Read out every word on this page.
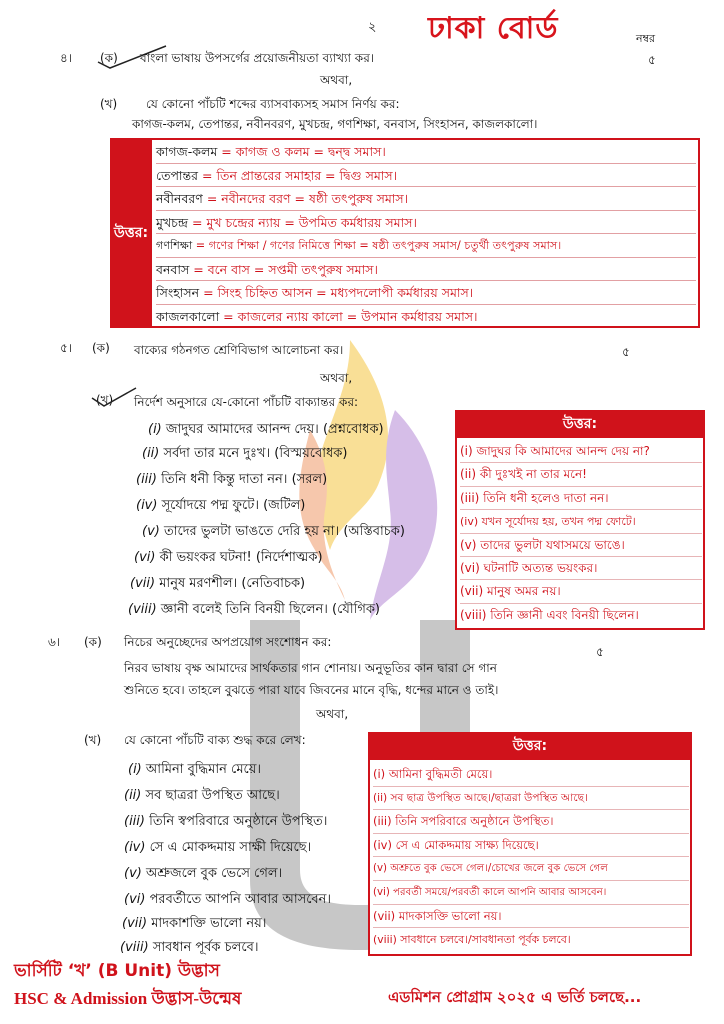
২ ঢাকা বোর্ড	নম্বর
৪। (ক) বাংলা ভাষায় উপসর্গের প্রয়োজনীয়তা ব্যাখ্যা কর।	৫
অথবা,
(খ) যে কোনো পাঁচটি শব্দের ব্যাসবাক্যসহ সমাস নির্ণয় কর:
কাগজ-কলম, তেপান্তর, নবীনবরণ, মুখচন্দ্র, গণশিক্ষা, বনবাস, সিংহাসন, কাজলকালো।
উত্তর:
কাগজ-কলম = কাগজ ও কলম = দ্বন্দ্ব সমাস।
তেপান্তর = তিন প্রান্তরের সমাহার = দ্বিগু সমাস।
নবীনবরণ = নবীনদের বরণ = ষষ্ঠী তৎপুরুষ সমাস।
মুখচন্দ্র = মুখ চন্দ্রের ন্যায় = উপমিত কর্মধারয় সমাস।
গণশিক্ষা = গণের শিক্ষা / গণের নিমিত্তে শিক্ষা = ষষ্ঠী তৎপুরুষ সমাস/ চতুর্থী তৎপুরুষ সমাস।
বনবাস = বনে বাস = সপ্তমী তৎপুরুষ সমাস।
সিংহাসন = সিংহ চিহ্নিত আসন = মধ্যপদলোপী কর্মধারয় সমাস।
কাজলকালো = কাজলের ন্যায় কালো = উপমান কর্মধারয় সমাস।
৫। (ক) বাক্যের গঠনগত শ্রেণিবিভাগ আলোচনা কর।	৫
অথবা,
(খ) নির্দেশ অনুসারে যে-কোনো পাঁচটি বাক্যান্তর কর:
(i) জাদুঘর আমাদের আনন্দ দেয়। (প্রশ্নবোধক)
(ii) সর্বদা তার মনে দুঃখ। (বিস্ময়বোধক)
(iii) তিনি ধনী কিন্তু দাতা নন। (সরল)
(iv) সূর্যোদয়ে পদ্ম ফুটে। (জটিল)
(v) তাদের ভুলটা ভাঙতে দেরি হয় না। (অস্তিবাচক)
(vi) কী ভয়ংকর ঘটনা! (নির্দেশাত্মক)
(vii) মানুষ মরণশীল। (নেতিবাচক)
(viii) জ্ঞানী বলেই তিনি বিনয়ী ছিলেন। (যৌগিক)
উত্তর:
(i) জাদুঘর কি আমাদের আনন্দ দেয় না?
(ii) কী দুঃখই না তার মনে!
(iii) তিনি ধনী হলেও দাতা নন।
(iv) যখন সূর্যোদয় হয়, তখন পদ্ম ফোটে।
(v) তাদের ভুলটা যথাসময়ে ভাঙে।
(vi) ঘটনাটি অত্যন্ত ভয়ংকর।
(vii) মানুষ অমর নয়।
(viii) তিনি জ্ঞানী এবং বিনয়ী ছিলেন।
৬। (ক) নিচের অনুচ্ছেদের অপপ্রয়োগ সংশোধন কর:
৫
নিরব ভাষায় বৃক্ষ আমাদের সার্থকতার গান শোনায়। অনুভূতির কান দ্বারা সে গান
শুনিতে হবে। তাহলে বুঝতে পারা যাবে জিবনের মানে বৃদ্ধি, ধন্দের মানে ও তাই।
অথবা,
(খ) যে কোনো পাঁচটি বাক্য শুদ্ধ করে লেখ:
(i) আমিনা বুদ্ধিমান মেয়ে।
(ii) সব ছাত্ররা উপস্থিত আছে।
(iii) তিনি স্বপরিবারে অনুষ্ঠানে উপস্থিত।
(iv) সে এ মোকদ্দমায় সাক্ষী দিয়েছে।
(v) অশ্রুজলে বুক ভেসে গেল।
(vi) পরবর্তীতে আপনি আবার আসবেন।
(vii) মাদকাশক্তি ভালো নয়।
(viii) সাবধান পূর্বক চলবে।
উত্তর:
(i) আমিনা বুদ্ধিমতী মেয়ে।
(ii) সব ছাত্র উপস্থিত আছে।/ছাত্ররা উপস্থিত আছে।
(iii) তিনি সপরিবারে অনুষ্ঠানে উপস্থিত।
(iv) সে এ মোকদ্দমায় সাক্ষ্য দিয়েছে।
(v) অশ্রুতে বুক ভেসে গেল।/চোখের জলে বুক ভেসে গেল
(vi) পরবর্তী সময়ে/পরবর্তী কালে আপনি আবার আসবেন।
(vii) মাদকাসক্তি ভালো নয়।
(viii) সাবধানে চলবে।/সাবধানতা পূর্বক চলবে।
ভার্সিটি ‘খ’ (B Unit) উদ্ভাস
HSC & Admission উদ্ভাস-উন্মেষ	এডমিশন প্রোগ্রাম ২০২৫ এ ভর্তি চলছে...
